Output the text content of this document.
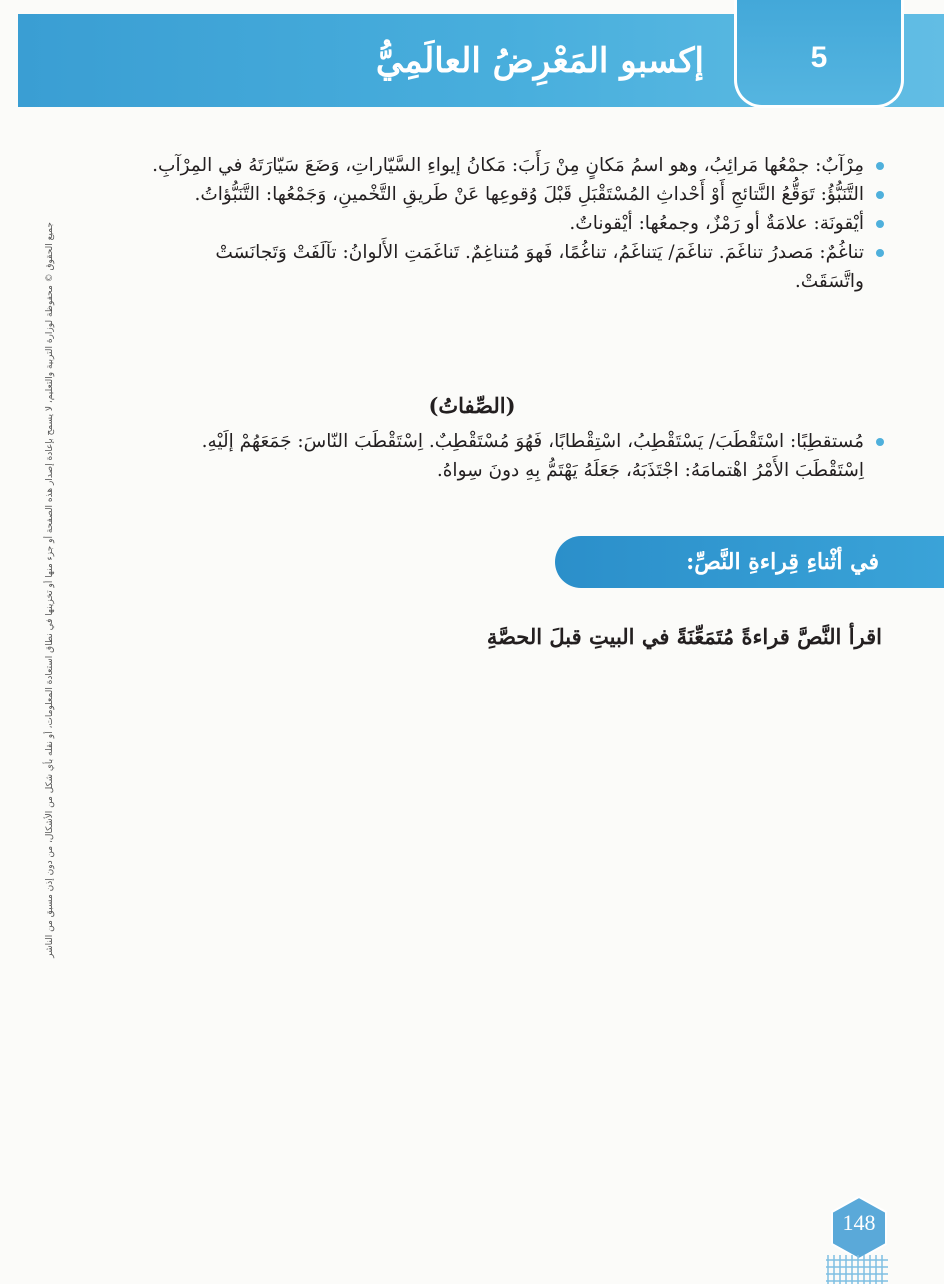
إكسبو المَعْرِضُ العالَمِيُّ	5
مِرْآبٌ: جمْعُها مَرائِبُ، وهو اسمُ مَكانٍ مِنْ رَأَبَ: مَكانُ إيواءِ السَّيّاراتِ، وَضَعَ سَيّارَتَهُ في المِرْآبِ.
التَّنَبُّؤُ: تَوَقُّعُ النَّتائجِ أَوْ أَحْداثِ المُسْتَقْبَلِ قَبْلَ وُقوعِها عَنْ طَريقِ التَّخْمينِ، وَجَمْعُها: التَّنَبُّؤاتُ.
أيْقونَة: علامَةٌ أو رَمْزٌ، وجمعُها: أيْقوناتٌ.
تناغُمٌ: مَصدرُ تناغَمَ. تناغَمَ/ يَتناغَمُ، تناغُمًا، فَهوَ مُتناغِمٌ. تَناغَمَتِ الأَلوانُ: تآلَفَتْ وَتَجانَسَتْ واتَّسَقَتْ.
(الصِّفاتُ)
مُستقطِبًا: اسْتَقْطَبَ/ يَسْتَقْطِبُ، اسْتِقْطابًا، فَهُوَ مُسْتَقْطِبٌ. اِسْتَقْطَبَ النّاسَ: جَمَعَهُمْ إلَيْهِ. اِسْتَقْطَبَ الأَمْرُ اهْتمامَهُ: اجْتَذَبَهُ، جَعَلَهُ يَهْتَمُّ بِهِ دونَ سِواهُ.
في أثْناءِ قِراءةِ النَّصِّ:
اقرأ النَّصَّ قراءةً مُتَمَعِّنَةً في البيتِ قبلَ الحصَّةِ
جميع الحقوق © محفوظة لوزارة التربية والتعليم، لا يسمح بإعادة إصدار هذه الصفحة أو جزء منها أو تخزينها في نطاق استعادة المعلومات، أو نقله بأي شكل من الأشكال، من دون إذن مسبق من الناشر
148
